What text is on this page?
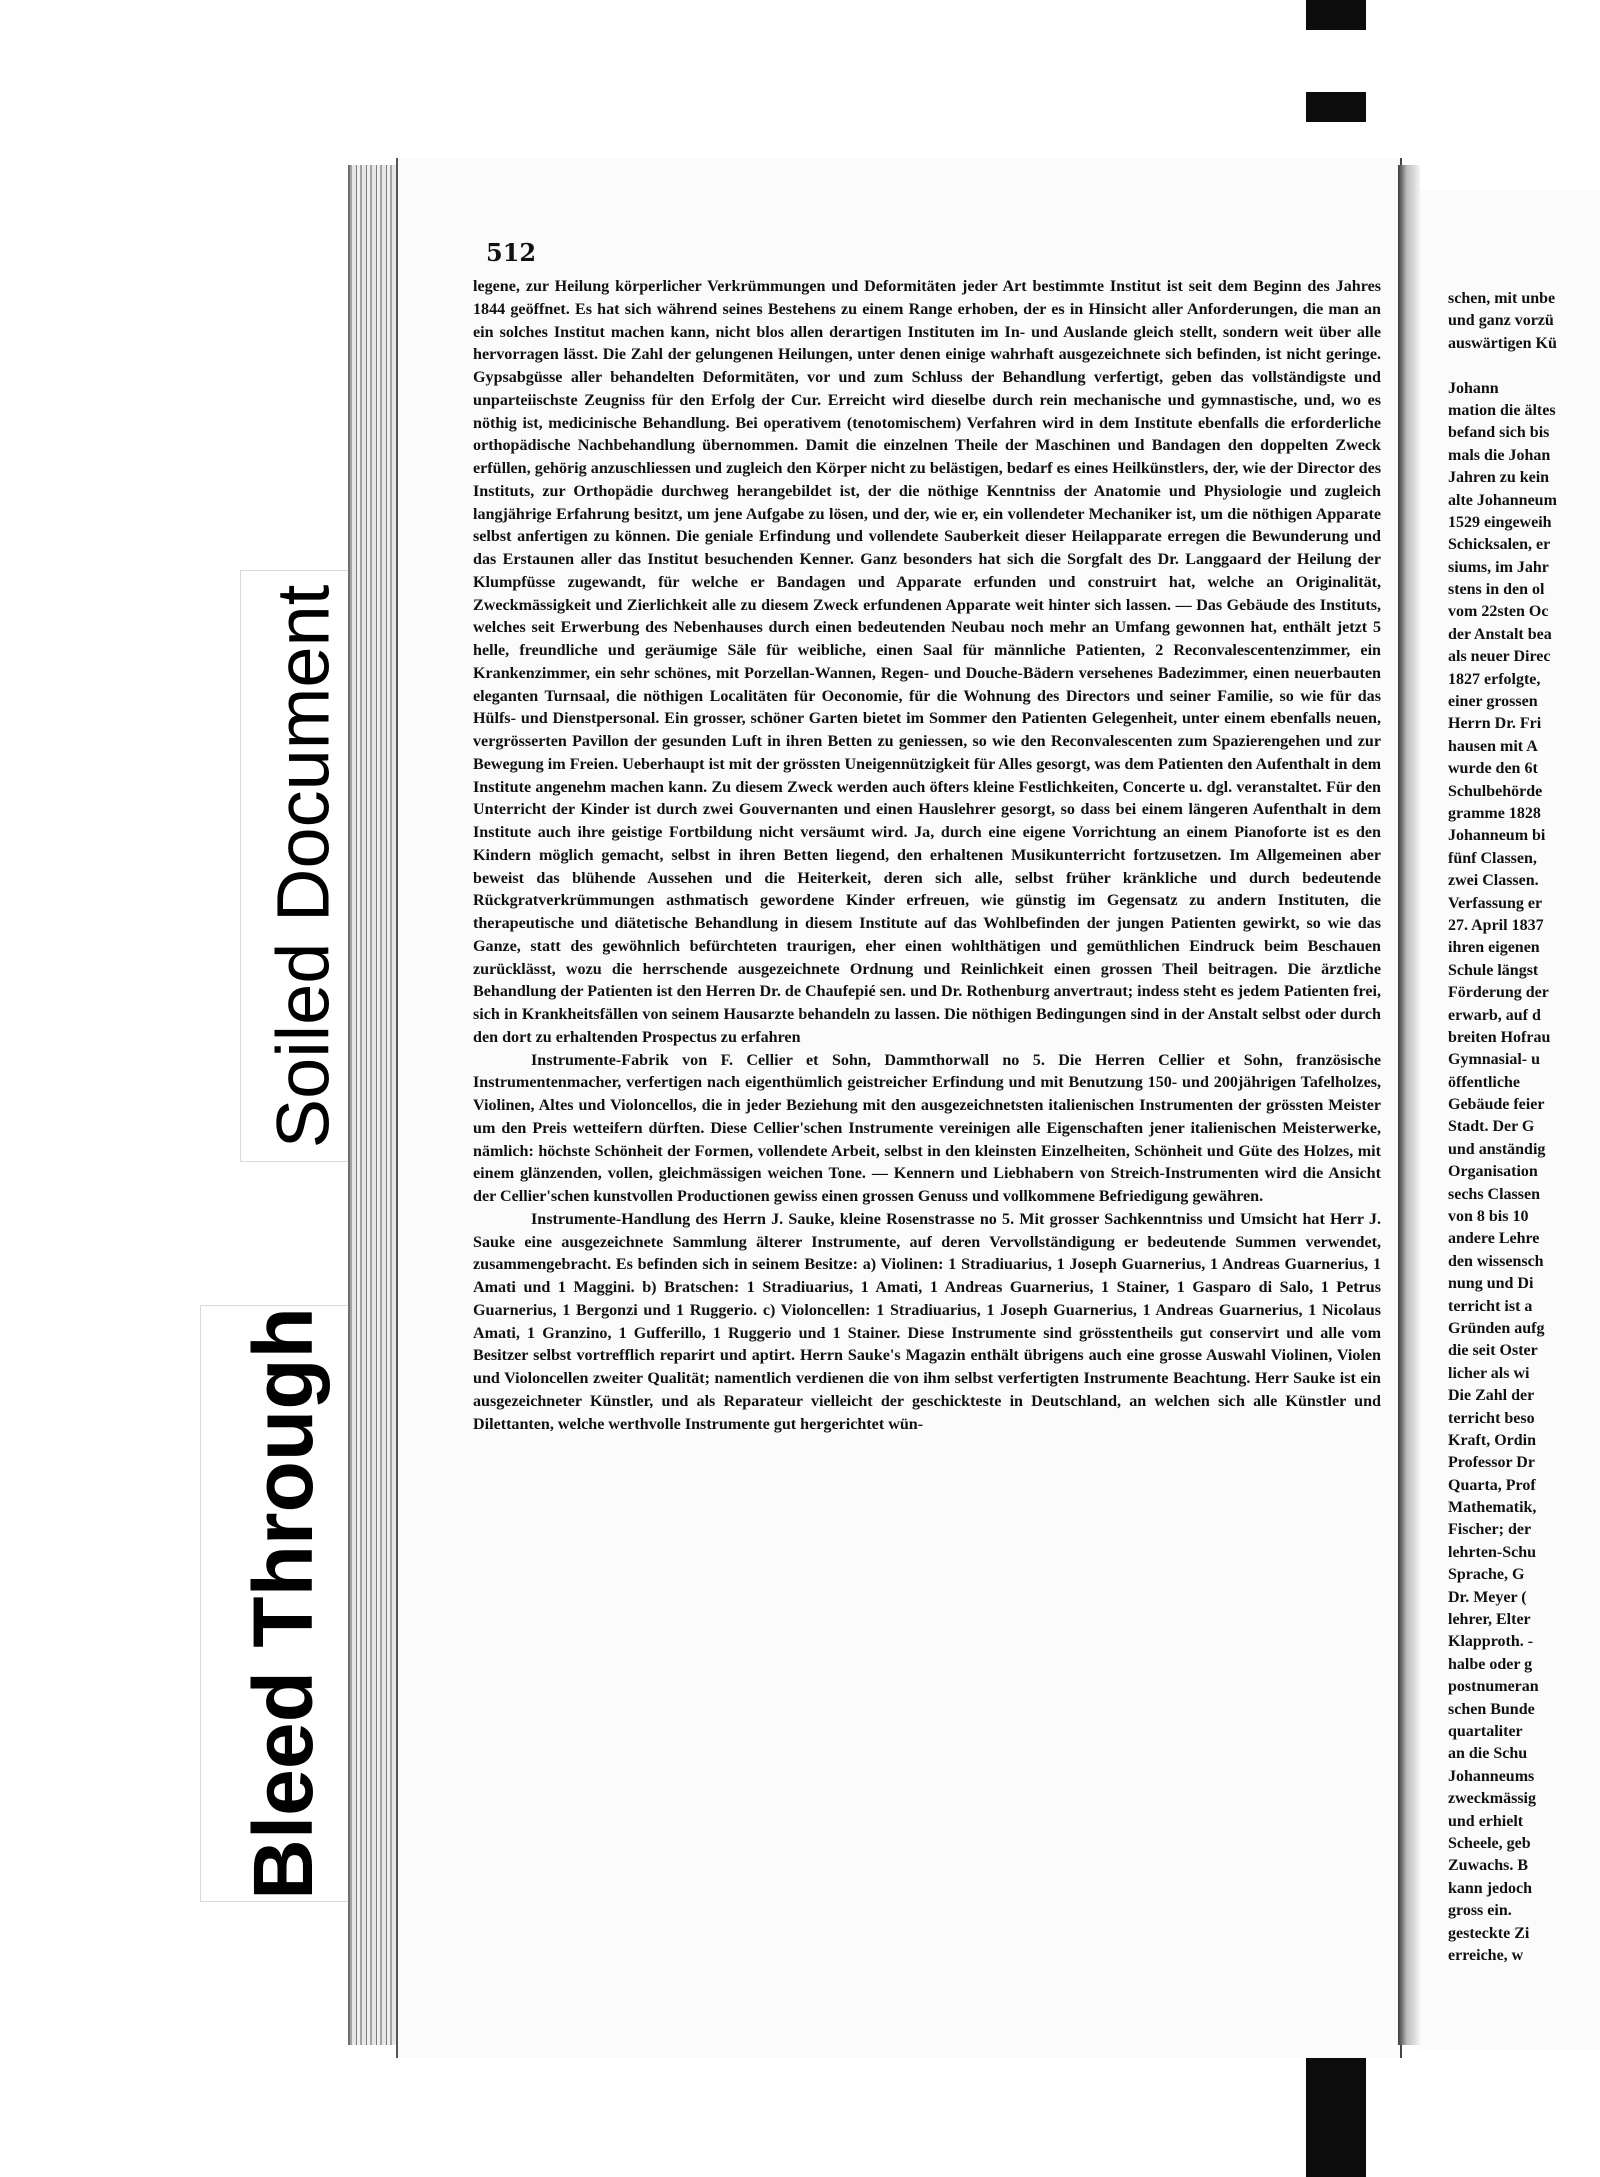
Soiled Document
Bleed Through
512

legene, zur Heilung körperlicher Verkrümmungen und Deformitäten jeder Art bestimmte Institut ist seit dem Beginn des Jahres 1844 geöffnet. Es hat sich während seines Bestehens zu einem Range erhoben, der es in Hinsicht aller Anforderungen, die man an ein solches Institut machen kann, nicht blos allen derartigen Instituten im In- und Auslande gleich stellt, sondern weit über alle hervorragen lässt. Die Zahl der gelungenen Heilungen, unter denen einige wahrhaft ausgezeichnete sich befinden, ist nicht geringe. Gypsabgüsse aller behandelten Deformitäten, vor und zum Schluss der Behandlung verfertigt, geben das vollständigste und unparteiischste Zeugniss für den Erfolg der Cur. Erreicht wird dieselbe durch rein mechanische und gymnastische, und, wo es nöthig ist, medicinische Behandlung. Bei operativem (tenotomischem) Verfahren wird in dem Institute ebenfalls die erforderliche orthopädische Nachbehandlung übernommen. Damit die einzelnen Theile der Maschinen und Bandagen den doppelten Zweck erfüllen, gehörig anzuschliessen und zugleich den Körper nicht zu belästigen, bedarf es eines Heilkünstlers, der, wie der Director des Instituts, zur Orthopädie durchweg herangebildet ist, der die nöthige Kenntniss der Anatomie und Physiologie und zugleich langjährige Erfahrung besitzt, um jene Aufgabe zu lösen, und der, wie er, ein vollendeter Mechaniker ist, um die nöthigen Apparate selbst anfertigen zu können. Die geniale Erfindung und vollendete Sauberkeit dieser Heilapparate erregen die Bewunderung und das Erstaunen aller das Institut besuchenden Kenner. Ganz besonders hat sich die Sorgfalt des Dr. Langgaard der Heilung der Klumpfüsse zugewandt, für welche er Bandagen und Apparate erfunden und construirt hat, welche an Originalität, Zweckmässigkeit und Zierlichkeit alle zu diesem Zweck erfundenen Apparate weit hinter sich lassen. — Das Gebäude des Instituts, welches seit Erwerbung des Nebenhauses durch einen bedeutenden Neubau noch mehr an Umfang gewonnen hat, enthält jetzt 5 helle, freundliche und geräumige Säle für weibliche, einen Saal für männliche Patienten, 2 Reconvalescentenzimmer, ein Krankenzimmer, ein sehr schönes, mit Porzellan-Wannen, Regen- und Douche-Bädern versehenes Badezimmer, einen neuerbauten eleganten Turnsaal, die nöthigen Localitäten für Oeconomie, für die Wohnung des Directors und seiner Familie, so wie für das Hülfs- und Dienstpersonal. Ein grosser, schöner Garten bietet im Sommer den Patienten Gelegenheit, unter einem ebenfalls neuen, vergrösserten Pavillon der gesunden Luft in ihren Betten zu geniessen, so wie den Reconvalescenten zum Spazierengehen und zur Bewegung im Freien. Ueberhaupt ist mit der grössten Uneigennützigkeit für Alles gesorgt, was dem Patienten den Aufenthalt in dem Institute angenehm machen kann. Zu diesem Zweck werden auch öfters kleine Festlichkeiten, Concerte u. dgl. veranstaltet. Für den Unterricht der Kinder ist durch zwei Gouvernanten und einen Hauslehrer gesorgt, so dass bei einem längeren Aufenthalt in dem Institute auch ihre geistige Fortbildung nicht versäumt wird. Ja, durch eine eigene Vorrichtung an einem Pianoforte ist es den Kindern möglich gemacht, selbst in ihren Betten liegend, den erhaltenen Musikunterricht fortzusetzen. Im Allgemeinen aber beweist das blühende Aussehen und die Heiterkeit, deren sich alle, selbst früher kränkliche und durch bedeutende Rückgratverkrümmungen asthmatisch gewordene Kinder erfreuen, wie günstig im Gegensatz zu andern Instituten, die therapeutische und diätetische Behandlung in diesem Institute auf das Wohlbefinden der jungen Patienten gewirkt, so wie das Ganze, statt des gewöhnlich befürchteten traurigen, eher einen wohlthätigen und gemüthlichen Eindruck beim Beschauen zurücklässt, wozu die herrschende ausgezeichnete Ordnung und Reinlichkeit einen grossen Theil beitragen. Die ärztliche Behandlung der Patienten ist den Herren Dr. de Chaufepié sen. und Dr. Rothenburg anvertraut; indess steht es jedem Patienten frei, sich in Krankheitsfällen von seinem Hausarzte behandeln zu lassen. Die nöthigen Bedingungen sind in der Anstalt selbst oder durch den dort zu erhaltenden Prospectus zu erfahren

Instrumente-Fabrik von F. Cellier et Sohn, Dammthorwall no 5. Die Herren Cellier et Sohn, französische Instrumentenmacher, verfertigen nach eigenthümlich geistreicher Erfindung und mit Benutzung 150- und 200jährigen Tafelholzes, Violinen, Altes und Violoncellos, die in jeder Beziehung mit den ausgezeichnetsten italienischen Instrumenten der grössten Meister um den Preis wetteifern dürften. Diese Cellier'schen Instrumente vereinigen alle Eigenschaften jener italienischen Meisterwerke, nämlich: höchste Schönheit der Formen, vollendete Arbeit, selbst in den kleinsten Einzelheiten, Schönheit und Güte des Holzes, mit einem glänzenden, vollen, gleichmässigen weichen Tone. — Kennern und Liebhabern von Streich-Instrumenten wird die Ansicht der Cellier'schen kunstvollen Productionen gewiss einen grossen Genuss und vollkommene Befriedigung gewähren.

Instrumente-Handlung des Herrn J. Sauke, kleine Rosenstrasse no 5. Mit grosser Sachkenntniss und Umsicht hat Herr J. Sauke eine ausgezeichnete Sammlung älterer Instrumente, auf deren Vervollständigung er bedeutende Summen verwendet, zusammengebracht. Es befinden sich in seinem Besitze: a) Violinen: 1 Stradiuarius, 1 Joseph Guarnerius, 1 Andreas Guarnerius, 1 Amati und 1 Maggini. b) Bratschen: 1 Stradiuarius, 1 Amati, 1 Andreas Guarnerius, 1 Stainer, 1 Gasparo di Salo, 1 Petrus Guarnerius, 1 Bergonzi und 1 Ruggerio. c) Violoncellen: 1 Stradiuarius, 1 Joseph Guarnerius, 1 Andreas Guarnerius, 1 Nicolaus Amati, 1 Granzino, 1 Gufferillo, 1 Ruggerio und 1 Stainer. Diese Instrumente sind grösstentheils gut conservirt und alle vom Besitzer selbst vortrefflich reparirt und aptirt. Herrn Sauke's Magazin enthält übrigens auch eine grosse Auswahl Violinen, Violen und Violoncellen zweiter Qualität; namentlich verdienen die von ihm selbst verfertigten Instrumente Beachtung. Herr Sauke ist ein ausgezeichneter Künstler, und als Reparateur vielleicht der geschickteste in Deutschland, an welchen sich alle Künstler und Dilettanten, welche werthvolle Instrumente gut hergerichtet wün-

schen, mit unbe
und ganz vorzü
auswärtigen Kü
Johann
mation die ältes
befand sich bis
mals die Johan
Jahren zu kein
alte Johanneum
1529 eingeweih
Schicksalen, er
siums, im Jahr
stens in den ol
vom 22sten Oc
der Anstalt bea
als neuer Direc
1827 erfolgte,
einer grossen
Herrn Dr. Fri
hausen mit A
wurde den 6t
Schulbehörde
gramme 1828
Johanneum bi
fünf Classen,
zwei Classen.
Verfassung er
27. April 1837
ihren eigenen
Schule längst
Förderung der
erwarb, auf d
breiten Hofrau
Gymnasial- u
öffentliche
Gebäude feier
Stadt. Der G
und anständig
Organisation
sechs Classen
von 8 bis 10
andere Lehre
den wissensch
nung und Di
terricht ist a
Gründen aufg
die seit Oster
licher als wi
Die Zahl der
terricht beso
Kraft, Ordin
Professor Dr
Quarta, Prof
Mathematik,
Fischer; der
lehrten-Schu
Sprache, G
Dr. Meyer (
lehrer, Elter
Klapproth. -
halbe oder g
postnumeran
schen Bunde
quartaliter
an die Schu
Johanneums
zweckmässig
und erhielt
Scheele, geb
Zuwachs. B
kann jedoch
gross ein.
gesteckte Zi
erreiche, w
